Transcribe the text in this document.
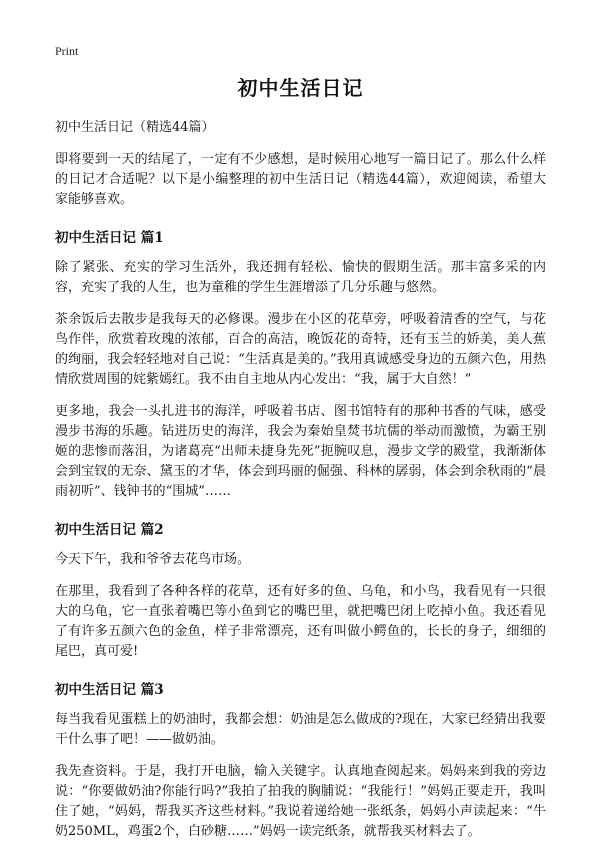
Print
初中生活日记
初中生活日记（精选44篇）

即将要到一天的结尾了，一定有不少感想，是时候用心地写一篇日记了。那么什么样的日记才合适呢？以下是小编整理的初中生活日记（精选44篇），欢迎阅读，希望大家能够喜欢。

初中生活日记 篇1

除了紧张、充实的学习生活外，我还拥有轻松、愉快的假期生活。那丰富多采的内容，充实了我的人生，也为童稚的学生生涯增添了几分乐趣与悠然。

茶余饭后去散步是我每天的必修课。漫步在小区的花草旁，呼吸着清香的空气，与花鸟作伴，欣赏着玫瑰的浓郁，百合的高洁，晚饭花的奇特，还有玉兰的娇美，美人蕉的绚丽，我会轻轻地对自己说：“生活真是美的。”我用真诚感受身边的五颜六色，用热情欣赏周围的姹紫嫣红。我不由自主地从内心发出：“我，属于大自然！”

更多地，我会一头扎进书的海洋，呼吸着书店、图书馆特有的那种书香的气味，感受漫步书海的乐趣。钻进历史的海洋，我会为秦始皇焚书坑儒的举动而激愤，为霸王别姬的悲惨而落泪，为诸葛亮“出师未捷身先死”扼腕叹息，漫步文学的殿堂，我渐渐体会到宝钗的无奈、黛玉的才华，体会到玛丽的倔强、科林的孱弱，体会到余秋雨的“晨雨初听”、钱钟书的“围城”……

初中生活日记 篇2

今天下午，我和爷爷去花鸟市场。

在那里，我看到了各种各样的花草，还有好多的鱼、乌龟，和小鸟，我看见有一只很大的乌龟，它一直张着嘴巴等小鱼到它的嘴巴里，就把嘴巴闭上吃掉小鱼。我还看见了有许多五颜六色的金鱼，样子非常漂亮，还有叫做小鳄鱼的，长长的身子，细细的尾巴，真可爱!

初中生活日记 篇3

每当我看见蛋糕上的奶油时，我都会想：奶油是怎么做成的?现在，大家已经猜出我要干什么事了吧！——做奶油。

我先查资料。于是，我打开电脑，输入关键字。认真地查阅起来。妈妈来到我的旁边说：“你要做奶油?你能行吗?”我拍了拍我的胸脯说：“我能行！”妈妈正要走开，我叫住了她，“妈妈，帮我买齐这些材料。”我说着递给她一张纸条，妈妈小声读起来：“牛奶250ML，鸡蛋2个，白砂糖……”妈妈一读完纸条，就帮我买材料去了。
